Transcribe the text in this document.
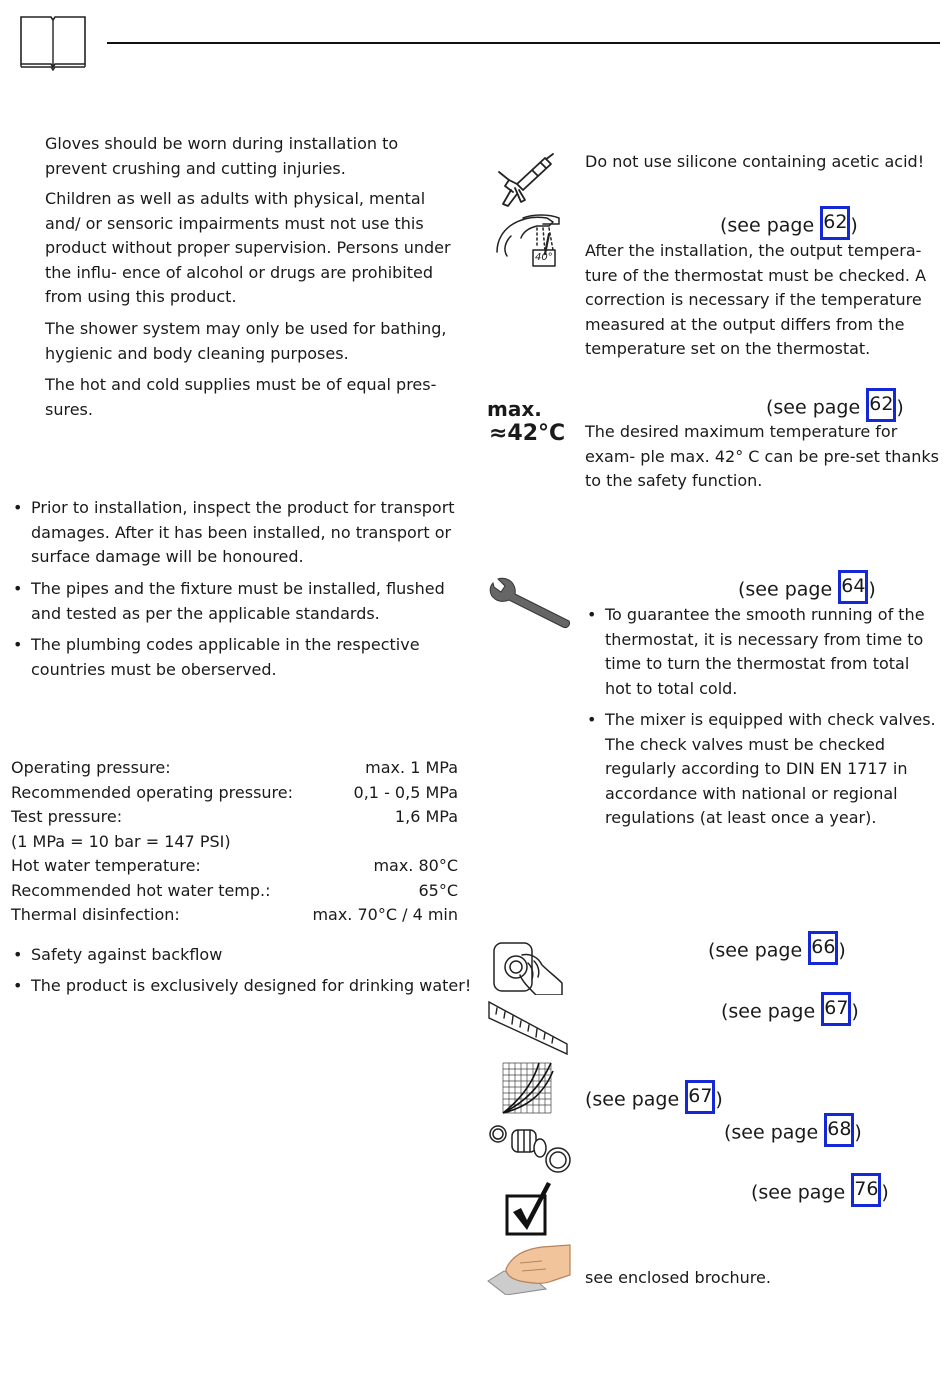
Gloves should be worn during installation to prevent crushing and cutting injuries.

Children as well as adults with physical, mental and/ or sensoric impairments must not use this product without proper supervision. Persons under the influ- ence of alcohol or drugs are prohibited from using this product.

The shower system may only be used for bathing, hygienic and body cleaning purposes.

The hot and cold supplies must be of equal pres- sures.

• Prior to installation, inspect the product for transport damages. After it has been installed, no transport or surface damage will be honoured.

• The pipes and the fixture must be installed, flushed and tested as per the applicable standards.

• The plumbing codes applicable in the respective countries must be oberserved.

Operating pressure:	max. 1 MPa
Recommended operating pressure:	0,1 - 0,5 MPa
Test pressure:	1,6 MPa
(1 MPa = 10 bar = 147 PSI)
Hot water temperature:	max. 80°C
Recommended hot water temp.:	65°C
Thermal disinfection:	max. 70°C / 4 min

• Safety against backflow

• The product is exclusively designed for drinking water!

Do not use silicone containing acetic acid!
40°
(see page 62 )

After the installation, the output tempera- ture of the thermostat must be checked. A correction is necessary if the temperature measured at the output differs from the temperature set on the thermostat.

max.
≈42°C
(see page 62 )

The desired maximum temperature for exam- ple max. 42° C can be pre-set thanks to the safety function.

(see page 64 )

• To guarantee the smooth running of the thermostat, it is necessary from time to time to turn the thermostat from total hot to total cold.

• The mixer is equipped with check valves. The check valves must be checked regularly according to DIN EN 1717 in accordance with national or regional regulations (at least once a year).

(see page 66 )
(see page 67 )
(see page 67 )
(see page 68 )
(see page 76 )
see enclosed brochure.
